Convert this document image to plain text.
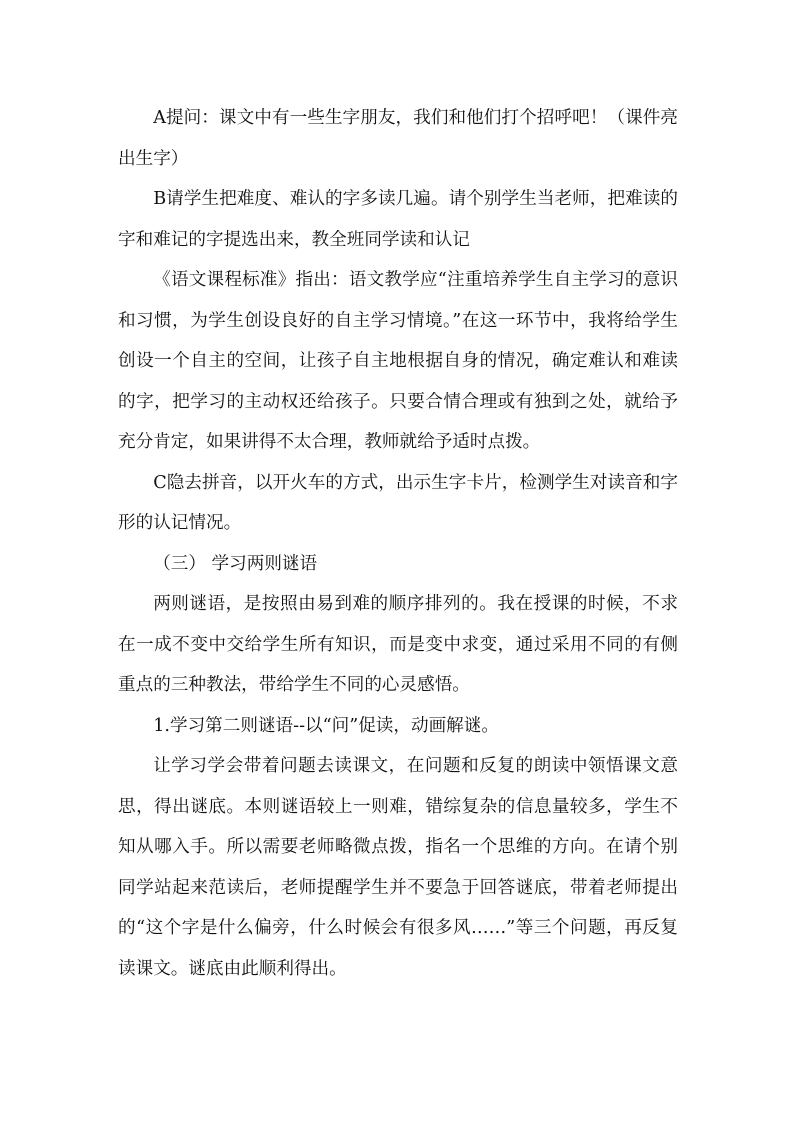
A提问：课文中有一些生字朋友，我们和他们打个招呼吧！（课件亮出生字）

B请学生把难度、难认的字多读几遍。请个别学生当老师，把难读的字和难记的字提选出来，教全班同学读和认记

《语文课程标准》指出：语文教学应“注重培养学生自主学习的意识和习惯，为学生创设良好的自主学习情境。”在这一环节中，我将给学生创设一个自主的空间，让孩子自主地根据自身的情况，确定难认和难读的字，把学习的主动权还给孩子。只要合情合理或有独到之处，就给予充分肯定，如果讲得不太合理，教师就给予适时点拨。

C隐去拼音，以开火车的方式，出示生字卡片，检测学生对读音和字形的认记情况。

（三） 学习两则谜语

两则谜语，是按照由易到难的顺序排列的。我在授课的时候，不求在一成不变中交给学生所有知识，而是变中求变，通过采用不同的有侧重点的三种教法，带给学生不同的心灵感悟。

1.学习第二则谜语--以“问”促读，动画解谜。

让学习学会带着问题去读课文，在问题和反复的朗读中领悟课文意思，得出谜底。本则谜语较上一则难，错综复杂的信息量较多，学生不知从哪入手。所以需要老师略微点拨，指名一个思维的方向。在请个别同学站起来范读后，老师提醒学生并不要急于回答谜底，带着老师提出的“这个字是什么偏旁，什么时候会有很多风……”等三个问题，再反复读课文。谜底由此顺利得出。
